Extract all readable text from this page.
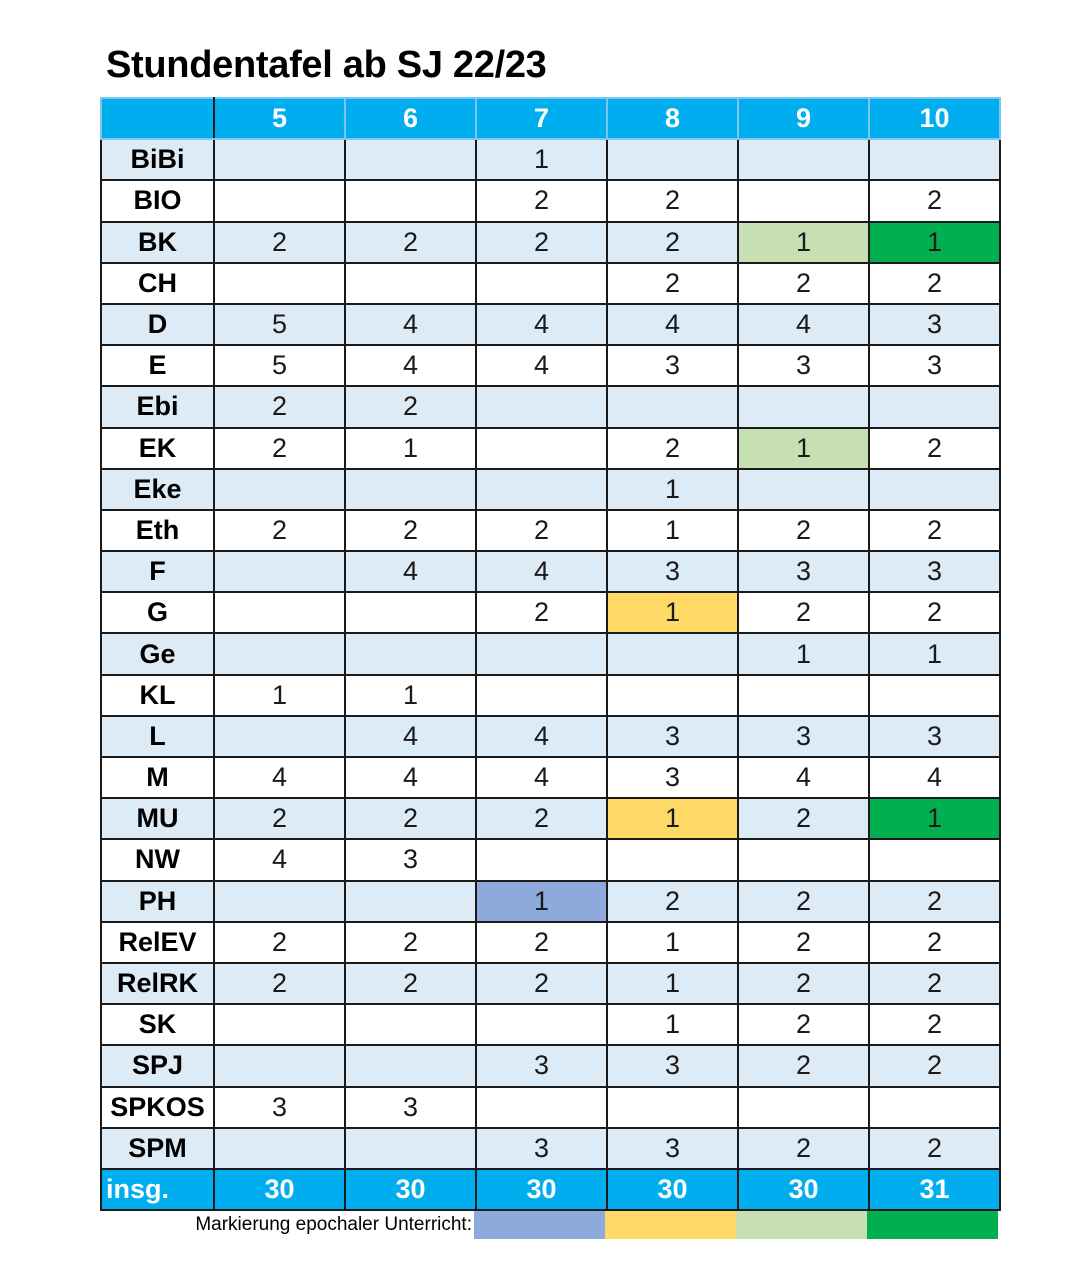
Stundentafel ab SJ 22/23
	5	6	7	8	9	10
BiBi			1			
BIO			2	2		2
BK	2	2	2	2	1	1
CH				2	2	2
D	5	4	4	4	4	3
E	5	4	4	3	3	3
Ebi	2	2				
EK	2	1		2	1	2
Eke				1		
Eth	2	2	2	1	2	2
F		4	4	3	3	3
G			2	1	2	2
Ge					1	1
KL	1	1				
L		4	4	3	3	3
M	4	4	4	3	4	4
MU	2	2	2	1	2	1
NW	4	3				
PH			1	2	2	2
RelEV	2	2	2	1	2	2
RelRK	2	2	2	1	2	2
SK				1	2	2
SPJ			3	3	2	2
SPKOS	3	3				
SPM			3	3	2	2
insg.	30	30	30	30	30	31
Markierung epochaler Unterricht:
